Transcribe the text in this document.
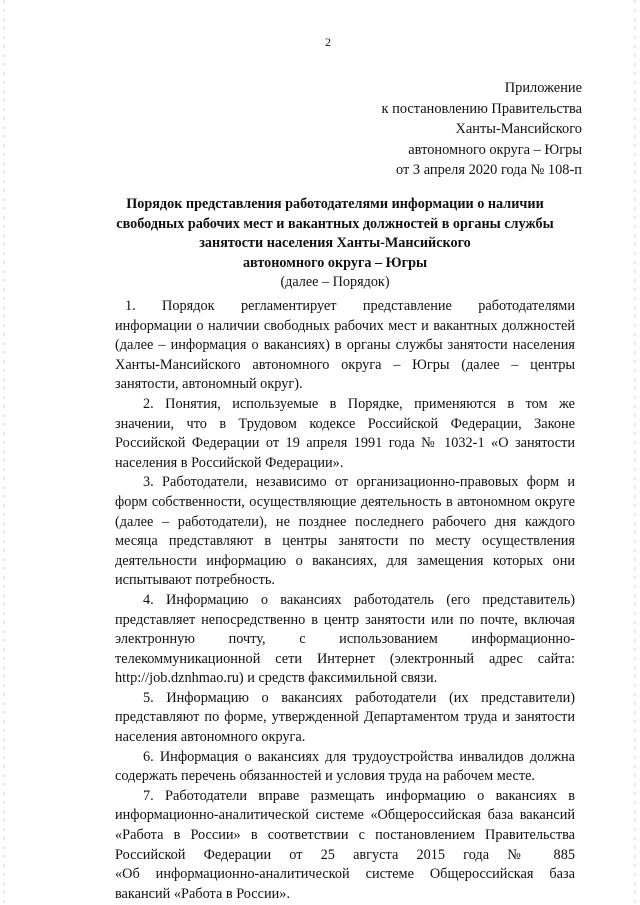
2
Приложение
к постановлению Правительства
Ханты-Мансийского
автономного округа – Югры
от 3 апреля 2020 года № 108-п
Порядок представления работодателями информации о наличии
свободных рабочих мест и вакантных должностей в органы службы
занятости населения Ханты-Мансийского
автономного округа – Югры
(далее – Порядок)
1. Порядок регламентирует представление работодателями
информации о наличии свободных рабочих мест и вакантных должностей
(далее – информация о вакансиях) в органы службы занятости населения
Ханты-Мансийского автономного округа – Югры (далее – центры
занятости, автономный округ).
2. Понятия, используемые в Порядке, применяются в том же
значении, что в Трудовом кодексе Российской Федерации, Законе
Российской Федерации от 19 апреля 1991 года № 1032-1 «О занятости
населения в Российской Федерации».
3. Работодатели, независимо от организационно-правовых форм и
форм собственности, осуществляющие деятельность в автономном округе
(далее – работодатели), не позднее последнего рабочего дня каждого
месяца представляют в центры занятости по месту осуществления
деятельности информацию о вакансиях, для замещения которых они
испытывают потребность.
4. Информацию о вакансиях работодатель (его представитель)
представляет непосредственно в центр занятости или по почте, включая
электронную почту, с использованием информационно-
телекоммуникационной сети Интернет (электронный адрес сайта:
http://job.dznhmao.ru) и средств факсимильной связи.
5. Информацию о вакансиях работодатели (их представители)
представляют по форме, утвержденной Департаментом труда и занятости
населения автономного округа.
6. Информация о вакансиях для трудоустройства инвалидов должна
содержать перечень обязанностей и условия труда на рабочем месте.
7. Работодатели вправе размещать информацию о вакансиях в
информационно-аналитической системе «Общероссийская база вакансий
«Работа в России» в соответствии с постановлением Правительства
Российской Федерации от 25 августа 2015 года № 885
«Об информационно-аналитической системе Общероссийская база
вакансий «Работа в России».
